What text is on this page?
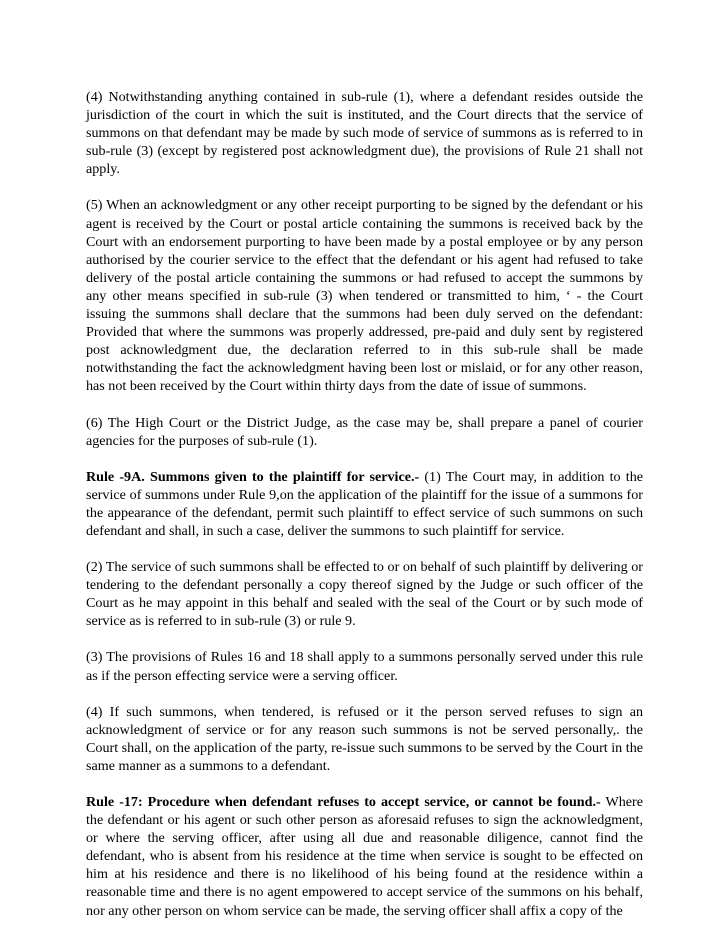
(4) Notwithstanding anything contained in sub-rule (1), where a defendant resides outside the jurisdiction of the court in which the suit is instituted, and the Court directs that the service of summons on that defendant may be made by such mode of service of summons as is referred to in sub-rule (3) (except by registered post acknowledgment due), the provisions of Rule 21 shall not apply.

(5) When an acknowledgment or any other receipt purporting to be signed by the defendant or his agent is received by the Court or postal article containing the summons is received back by the Court with an endorsement purporting to have been made by a postal employee or by any person authorised by the courier service to the effect that the defendant or his agent had refused to take delivery of the postal article containing the summons or had refused to accept the summons by any other means specified in sub-rule (3) when tendered or transmitted to him, ‘ - the Court issuing the summons shall declare that the summons had been duly served on the defendant: Provided that where the summons was properly addressed, pre-paid and duly sent by registered post acknowledgment due, the declaration referred to in this sub-rule shall be made notwithstanding the fact the acknowledgment having been lost or mislaid, or for any other reason, has not been received by the Court within thirty days from the date of issue of summons.

(6) The High Court or the District Judge, as the case may be, shall prepare a panel of courier agencies for the purposes of sub-rule (1).

Rule -9A. Summons given to the plaintiff for service.- (1) The Court may, in addition to the service of summons under Rule 9,on the application of the plaintiff for the issue of a summons for the appearance of the defendant, permit such plaintiff to effect service of such summons on such defendant and shall, in such a case, deliver the summons to such plaintiff for service.

(2) The service of such summons shall be effected to or on behalf of such plaintiff by delivering or tendering to the defendant personally a copy thereof signed by the Judge or such officer of the Court as he may appoint in this behalf and sealed with the seal of the Court or by such mode of service as is referred to in sub-rule (3) or rule 9.

(3) The provisions of Rules 16 and 18 shall apply to a summons personally served under this rule as if the person effecting service were a serving officer.

(4) If such summons, when tendered, is refused or it the person served refuses to sign an acknowledgment of service or for any reason such summons is not be served personally,. the Court shall, on the application of the party, re-issue such summons to be served by the Court in the same manner as a summons to a defendant.

Rule -17: Procedure when defendant refuses to accept service, or cannot be found.- Where the defendant or his agent or such other person as aforesaid refuses to sign the acknowledgment, or where the serving officer, after using all due and reasonable diligence, cannot find the defendant, who is absent from his residence at the time when service is sought to be effected on him at his residence and there is no likelihood of his being found at the residence within a reasonable time and there is no agent empowered to accept service of the summons on his behalf, nor any other person on whom service can be made, the serving officer shall affix a copy of the
